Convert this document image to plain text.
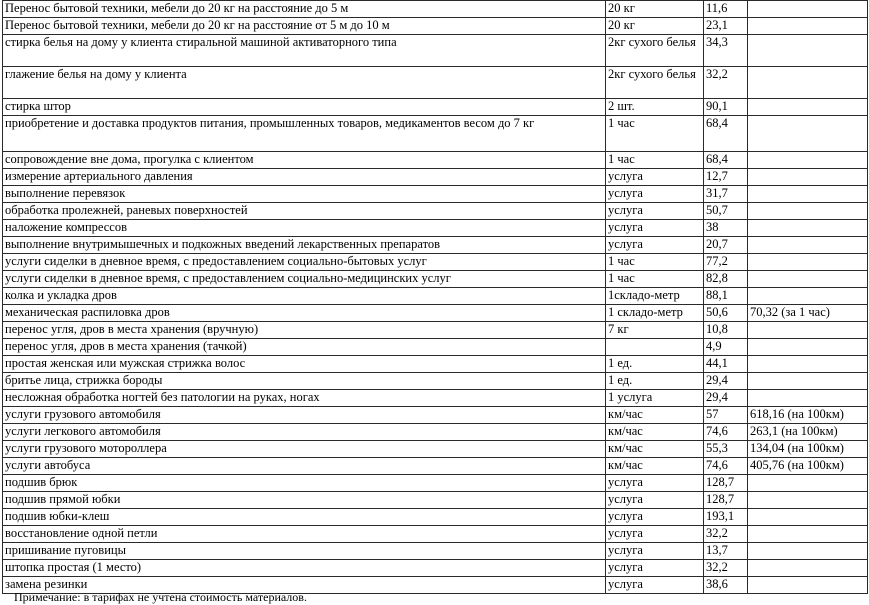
Перенос бытовой техники, мебели до 20 кг на расстояние до 5 м	20 кг	11,6	
Перенос бытовой техники, мебели до 20 кг на расстояние от 5 м до 10 м	20 кг	23,1	
стирка белья на дому у клиента стиральной машиной активаторного типа	2кг сухого белья	34,3	
глажение белья на дому у клиента	2кг сухого белья	32,2	
стирка штор	2 шт.	90,1	
приобретение и доставка продуктов питания, промышленных товаров, медикаментов весом до 7 кг	1 час	68,4	
сопровождение вне дома, прогулка с клиентом	1 час	68,4	
измерение артериального давления	услуга	12,7	
выполнение перевязок	услуга	31,7	
обработка пролежней, раневых поверхностей	услуга	50,7	
наложение компрессов	услуга	38	
выполнение внутримышечных и подкожных введений лекарственных препаратов	услуга	20,7	
услуги сиделки в дневное время, с предоставлением социально-бытовых услуг	1 час	77,2	
услуги сиделки в дневное время, с предоставлением социально-медицинских услуг	1 час	82,8	
колка и укладка дров	1складо-метр	88,1	
механическая распиловка дров	1 складо-метр	50,6	70,32 (за 1 час)
перенос угля, дров в места хранения (вручную)	7 кг	10,8	
перенос угля, дров в места хранения (тачкой)		4,9	
простая женская или мужская стрижка волос	1 ед.	44,1	
бритье лица, стрижка бороды	1 ед.	29,4	
несложная обработка ногтей без патологии на руках, ногах	1 услуга	29,4	
услуги грузового автомобиля	км/час	57	618,16 (на 100км)
услуги легкового автомобиля	км/час	74,6	263,1 (на 100км)
услуги грузового мотороллера	км/час	55,3	134,04 (на 100км)
услуги автобуса	км/час	74,6	405,76 (на 100км)
подшив брюк	услуга	128,7	
подшив прямой юбки	услуга	128,7	
подшив юбки-клеш	услуга	193,1	
восстановление одной петли	услуга	32,2	
пришивание пуговицы	услуга	13,7	
штопка простая (1 место)	услуга	32,2	
замена резинки	услуга	38,6	
Примечание: в тарифах не учтена стоимость материалов.
